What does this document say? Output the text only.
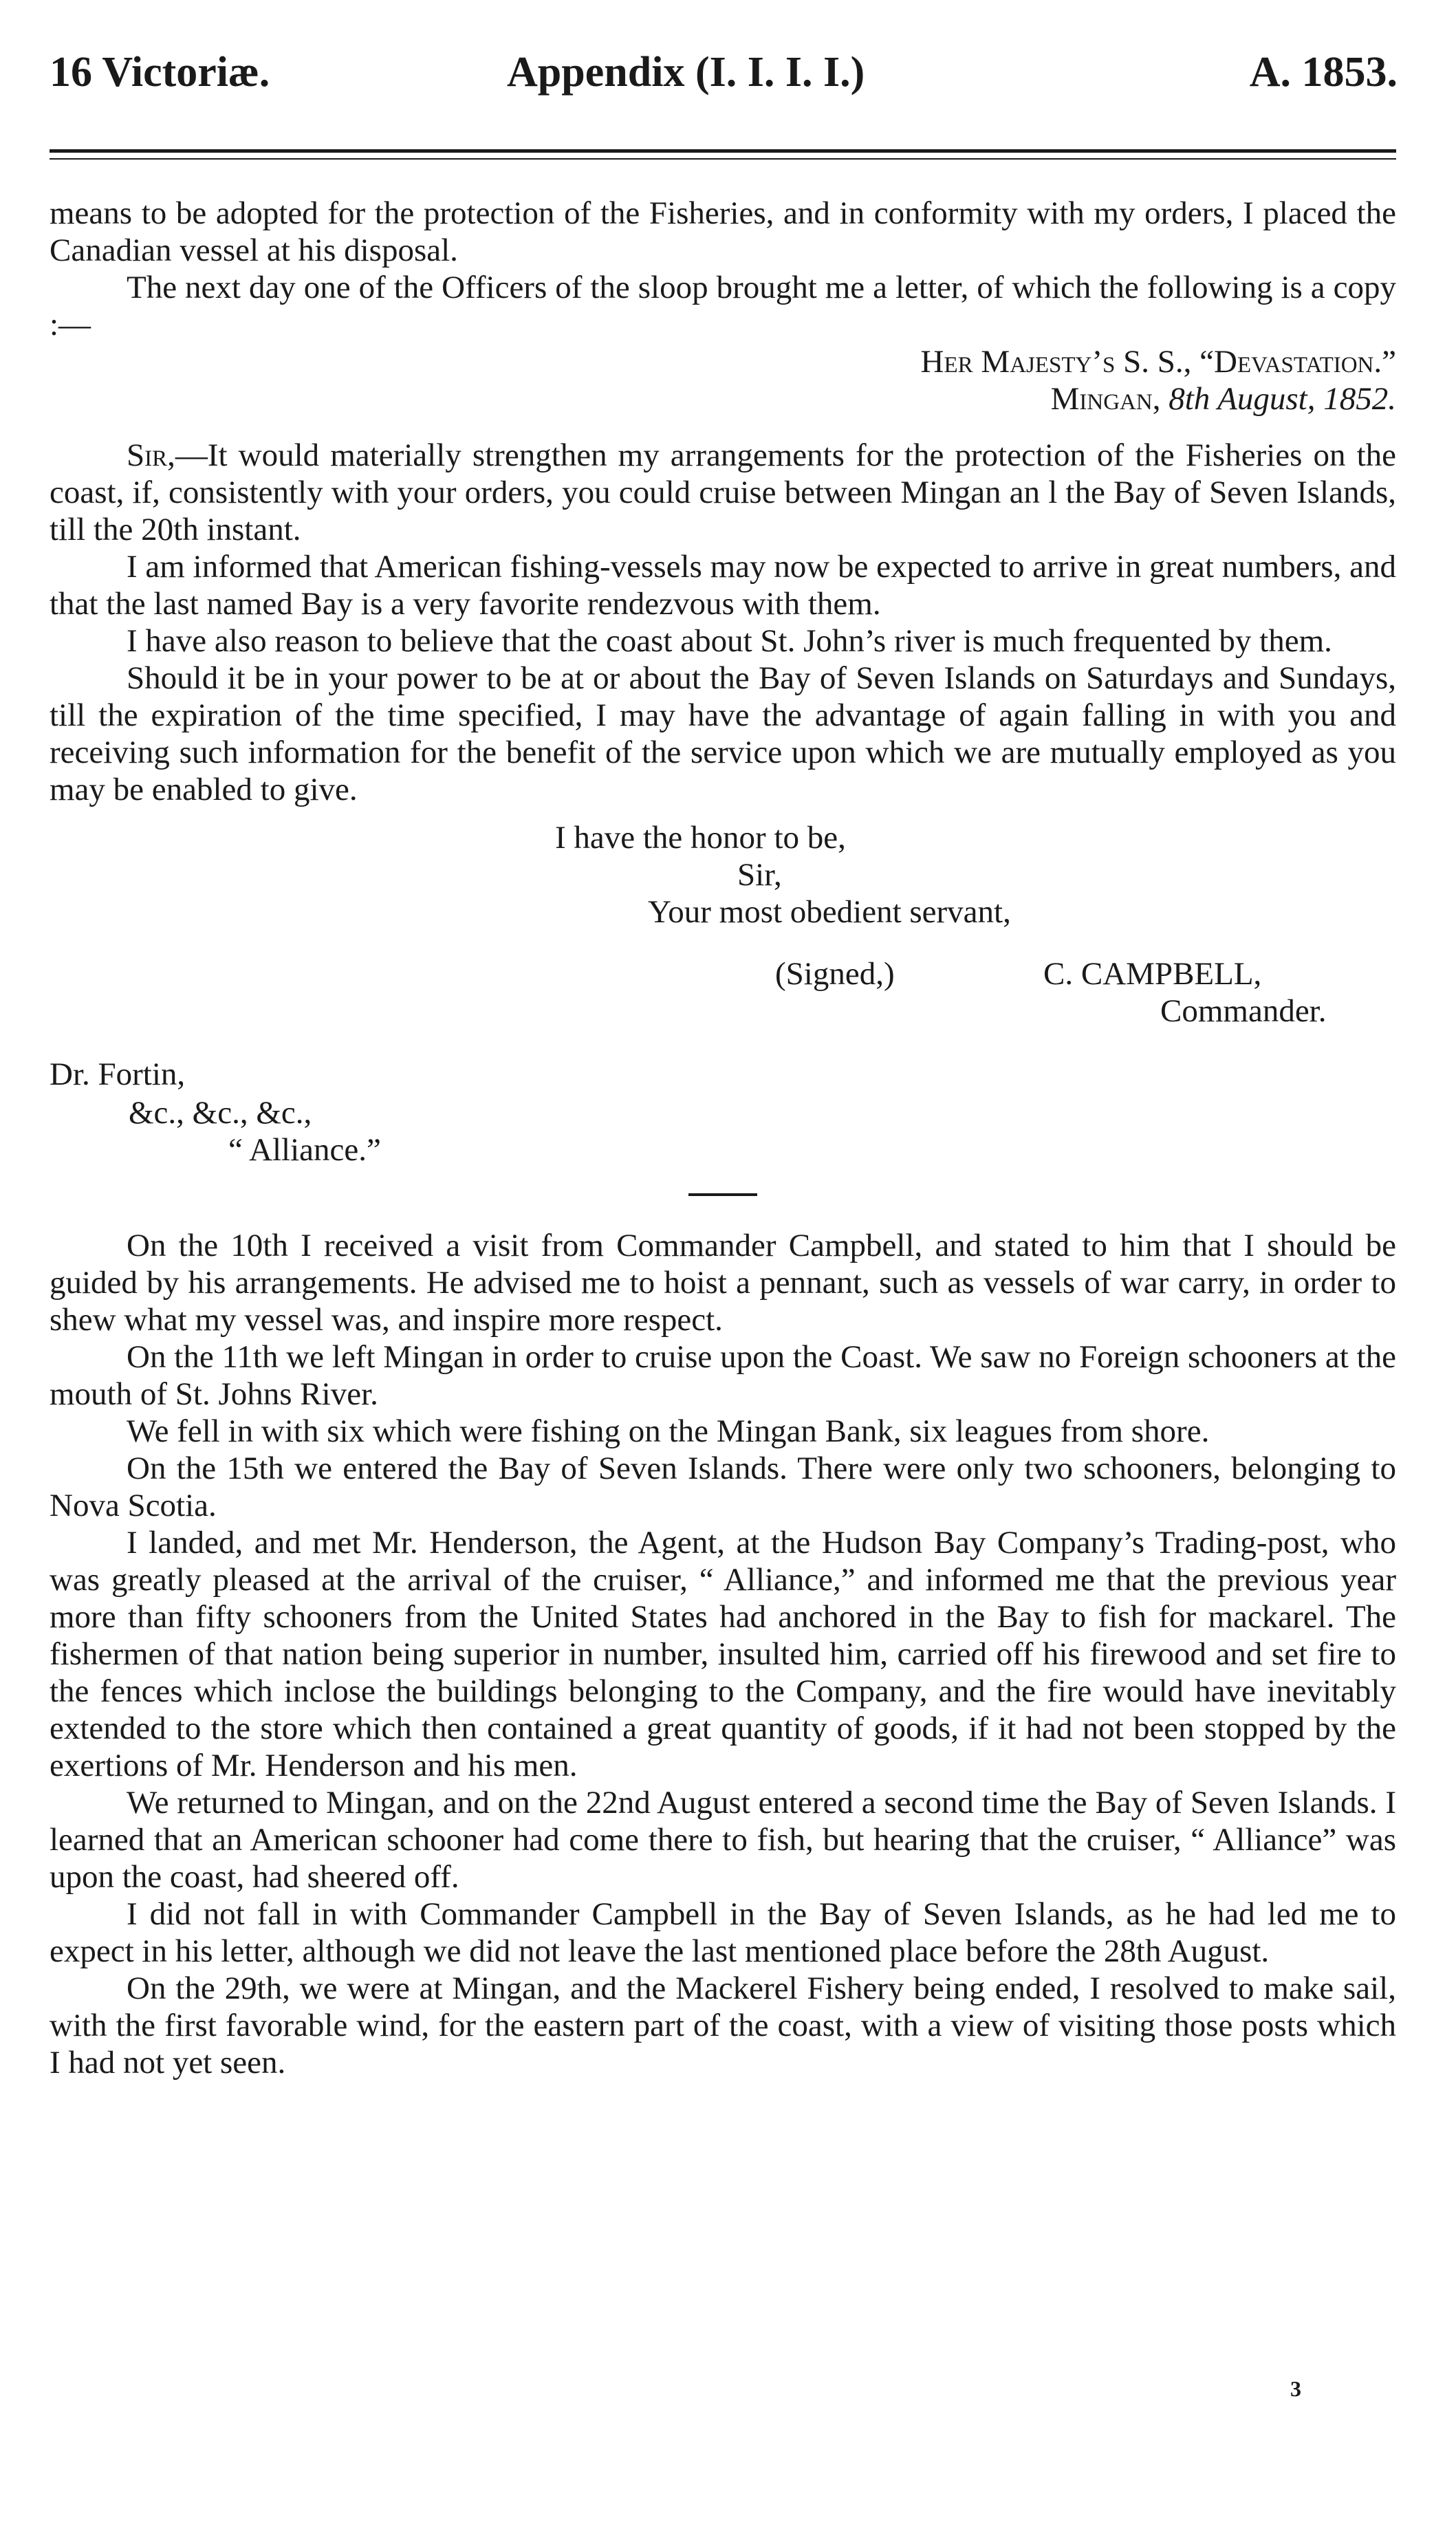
16 Victoriæ.	Appendix (I. I. I. I.)	A. 1853.

means to be adopted for the protection of the Fisheries, and in conformity with my orders, I placed the Canadian vessel at his disposal.

The next day one of the Officers of the sloop brought me a letter, of which the following is a copy :—

Her Majesty’s S. S., “Devastation.”

Mingan, 8th August, 1852.

Sir,—It would materially strengthen my arrangements for the protection of the Fisheries on the coast, if, consistently with your orders, you could cruise between Mingan an l the Bay of Seven Islands, till the 20th instant.

I am informed that American fishing-vessels may now be expected to arrive in great numbers, and that the last named Bay is a very favorite rendezvous with them.

I have also reason to believe that the coast about St. John’s river is much frequented by them.

Should it be in your power to be at or about the Bay of Seven Islands on Saturdays and Sundays, till the expiration of the time specified, I may have the advantage of again falling in with you and receiving such information for the benefit of the service upon which we are mutually employed as you may be enabled to give.

I have the honor to be,
Sir,
Your most obedient servant,
(Signed,)	C. CAMPBELL,
Commander.
Dr. Fortin,
&c., &c., &c.,
“ Alliance.”

On the 10th I received a visit from Commander Campbell, and stated to him that I should be guided by his arrangements. He advised me to hoist a pennant, such as vessels of war carry, in order to shew what my vessel was, and inspire more respect.

On the 11th we left Mingan in order to cruise upon the Coast. We saw no Foreign schooners at the mouth of St. Johns River.

We fell in with six which were fishing on the Mingan Bank, six leagues from shore.

On the 15th we entered the Bay of Seven Islands. There were only two schooners, belonging to Nova Scotia.

I landed, and met Mr. Henderson, the Agent, at the Hudson Bay Company’s Trading-post, who was greatly pleased at the arrival of the cruiser, “ Alliance,” and informed me that the previous year more than fifty schooners from the United States had anchored in the Bay to fish for mackarel. The fishermen of that nation being superior in number, insulted him, carried off his firewood and set fire to the fences which inclose the buildings belonging to the Company, and the fire would have inevitably extended to the store which then contained a great quantity of goods, if it had not been stopped by the exertions of Mr. Henderson and his men.

We returned to Mingan, and on the 22nd August entered a second time the Bay of Seven Islands. I learned that an American schooner had come there to fish, but hearing that the cruiser, “ Alliance” was upon the coast, had sheered off.

I did not fall in with Commander Campbell in the Bay of Seven Islands, as he had led me to expect in his letter, although we did not leave the last mentioned place before the 28th August.

On the 29th, we were at Mingan, and the Mackerel Fishery being ended, I resolved to make sail, with the first favorable wind, for the eastern part of the coast, with a view of visiting those posts which I had not yet seen.

3
